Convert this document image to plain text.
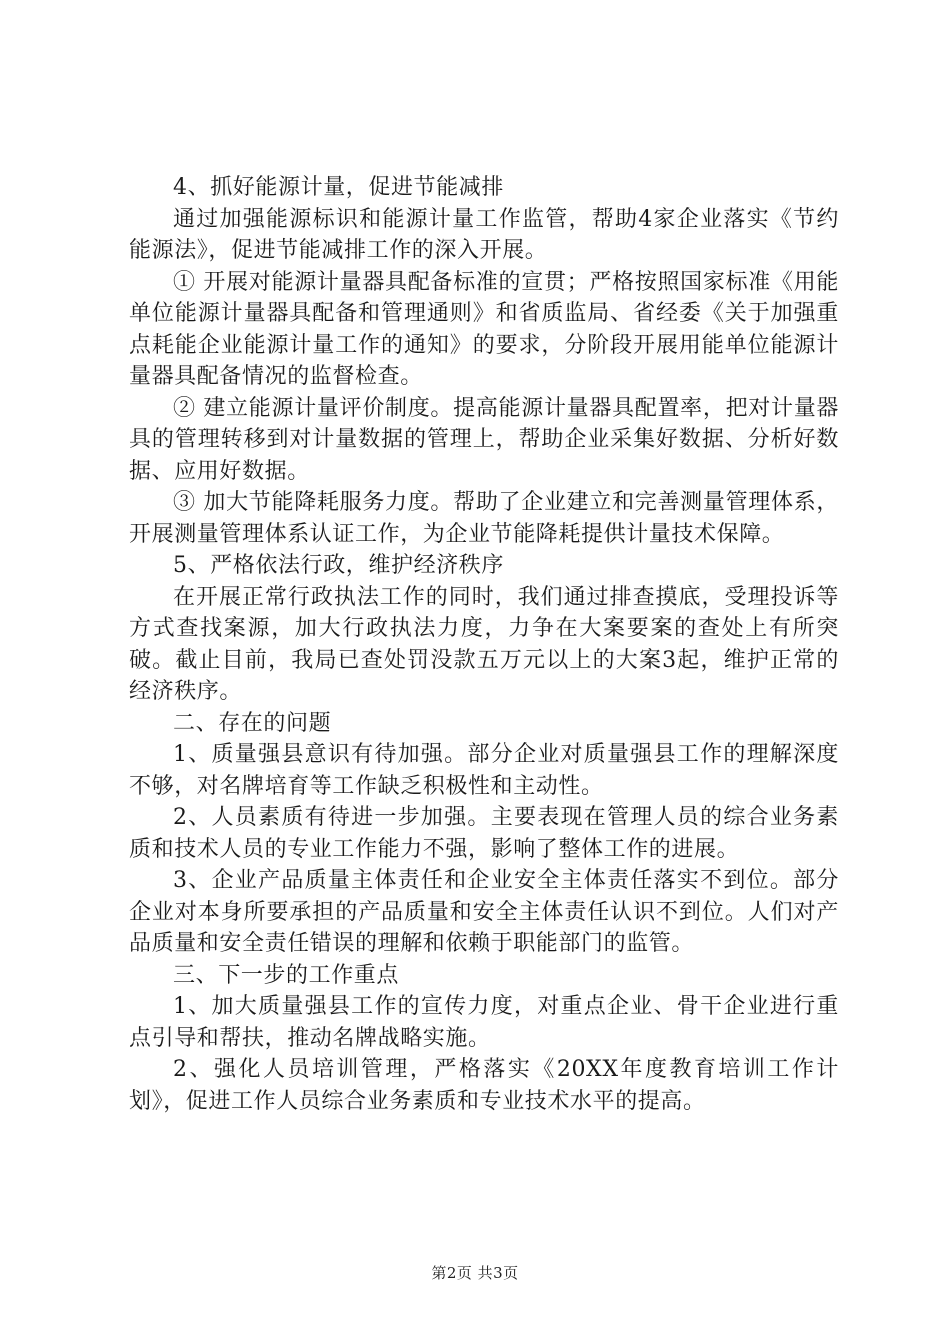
4、抓好能源计量，促进节能减排

通过加强能源标识和能源计量工作监管，帮助4家企业落实《节约能源法》，促进节能减排工作的深入开展。

① 开展对能源计量器具配备标准的宣贯；严格按照国家标准《用能单位能源计量器具配备和管理通则》和省质监局、省经委《关于加强重点耗能企业能源计量工作的通知》的要求，分阶段开展用能单位能源计量器具配备情况的监督检查。

② 建立能源计量评价制度。提高能源计量器具配置率，把对计量器具的管理转移到对计量数据的管理上，帮助企业采集好数据、分析好数据、应用好数据。

③ 加大节能降耗服务力度。帮助了企业建立和完善测量管理体系，开展测量管理体系认证工作，为企业节能降耗提供计量技术保障。

5、严格依法行政，维护经济秩序

在开展正常行政执法工作的同时，我们通过排查摸底，受理投诉等方式查找案源，加大行政执法力度，力争在大案要案的查处上有所突破。截止目前，我局已查处罚没款五万元以上的大案3起，维护正常的经济秩序。

二、存在的问题

1、质量强县意识有待加强。部分企业对质量强县工作的理解深度不够，对名牌培育等工作缺乏积极性和主动性。

2、人员素质有待进一步加强。主要表现在管理人员的综合业务素质和技术人员的专业工作能力不强，影响了整体工作的进展。

3、企业产品质量主体责任和企业安全主体责任落实不到位。部分企业对本身所要承担的产品质量和安全主体责任认识不到位。人们对产品质量和安全责任错误的理解和依赖于职能部门的监管。

三、下一步的工作重点

1、加大质量强县工作的宣传力度，对重点企业、骨干企业进行重点引导和帮扶，推动名牌战略实施。

2、强化人员培训管理，严格落实《20XX年度教育培训工作计划》，促进工作人员综合业务素质和专业技术水平的提高。

第2页 共3页
